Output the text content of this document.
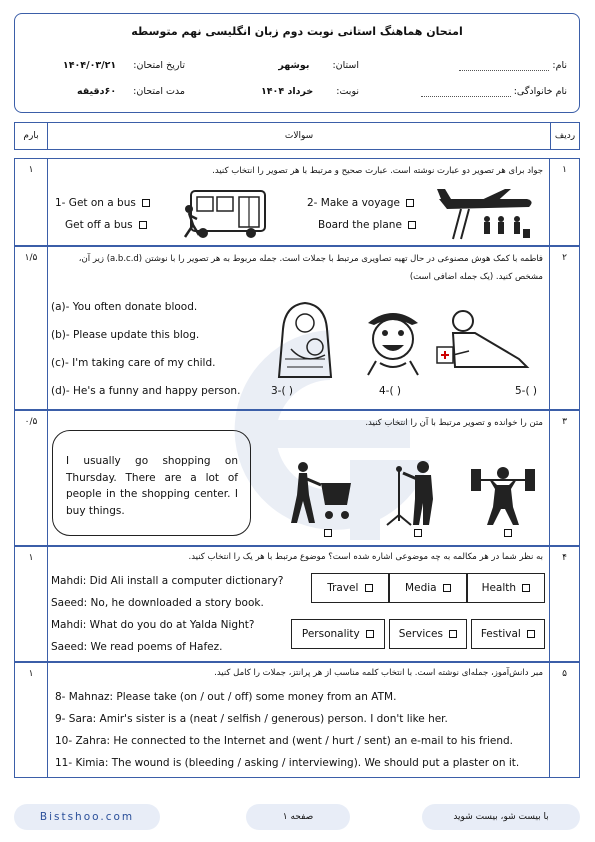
امتحان هماهنگ استانی نوبت دوم زبان انگلیسی نهم متوسطه
نام:
نام خانوادگی:
استان: بوشهر
نوبت: خرداد ۱۴۰۴
تاریخ امتحان: ۱۴۰۴/۰۳/۲۱
مدت امتحان: ۶۰دقیقه
ردیف
سوالات
بارم
۱
۱	جواد برای هر تصویر دو عبارت نوشته است. عبارت صحیح و مرتبط با هر تصویر را انتخاب کنید.
1- Get on a bus
Get off a bus
2- Make a voyage
Board the plane
۲
۱/۵	فاطمه با کمک هوش مصنوعی در حال تهیه تصاویری مرتبط با جملات است. جمله مربوط به هر تصویر را با نوشتن (a.b.c.d) زیر آن،
مشخص کنید. (یک جمله اضافی است)
(a)- You often donate blood.
(b)- Please update this blog.
(c)- I'm taking care of my child.
(d)- He's a funny and happy person.	3-( )	4-( )	5-( )
۳
۰/۵	متن را خوانده و تصویر مرتبط با آن را انتخاب کنید.
I usually go shopping on Thursday. There are a lot of people in the shopping center. I buy things.
۴
۱	به نظر شما در هر مکالمه به چه موضوعی اشاره شده است؟ موضوع مرتبط با هر یک را انتخاب کنید.
Mahdi: Did Ali install a computer dictionary?
Saeed: No, he downloaded a story book.
Mahdi: What do you do at Yalda Night?
Saeed: We read poems of Hafez.
Travel
	Media
	Health

Personality
	Services
	Festival

۵
۱	مبر دانش‌آموز، جمله‌ای نوشته است. با انتخاب کلمه مناسب از هر پرانتز، جملات را کامل کنید.
8- Mahnaz: Please take (on / out / off) some money from an ATM.
9- Sara: Amir's sister is a (neat / selfish / generous) person. I don't like her.
10- Zahra: He connected to the Internet and (went / hurt / sent) an e-mail to his friend.
11- Kimia: The wound is (bleeding / asking / interviewing). We should put a plaster on it.
Bistshoo.com	صفحه ۱	با بیست شو، بیست شوید
